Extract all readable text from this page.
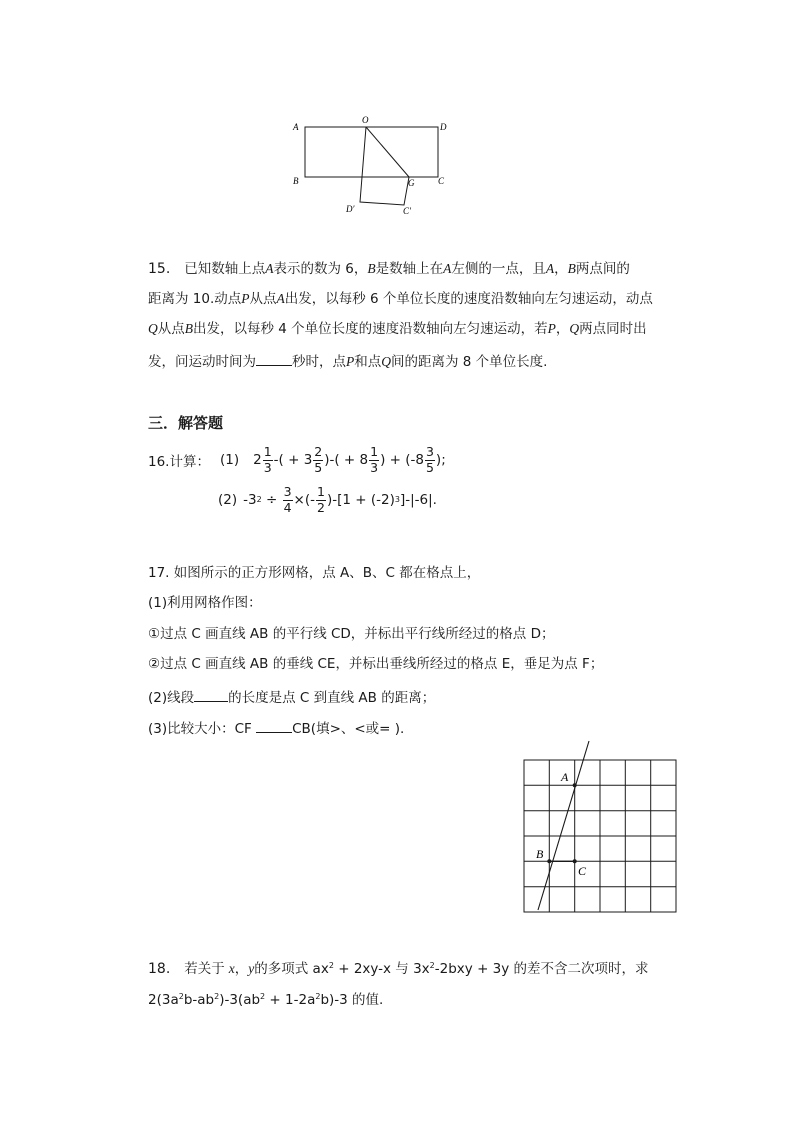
A
O
D
B	G	C
D′	C′
15. 已知数轴上点A表示的数为 6，B是数轴上在A左侧的一点，且A，B两点间的
距离为 10.动点P从点A出发，以每秒 6 个单位长度的速度沿数轴向左匀速运动，动点
Q从点B出发，以每秒 4 个单位长度的速度沿数轴向左匀速运动，若P，Q两点同时出
发，问运动时间为	秒时，点P和点Q间的距离为 8 个单位长度.
三．解答题
16.计算： (1) $2 \frac{1}{3}$ -( + $3 \frac{2}{5}$ )-( + $8 \frac{1}{3}$ ) + ($-8 \frac{3}{5}$ );
(2) -3 $2 \div \frac{3}{4}$ ×(- $\frac{1}{2} )-[1 + (-2)$ 3 ]-|-6|.
17. 如图所示的正方形网格，点 A、B、C 都在格点上，
(1)利用网格作图：
①过点 C 画直线 AB 的平行线 CD，并标出平行线所经过的格点 D；
②过点 C 画直线 AB 的垂线 CE，并标出垂线所经过的格点 E，垂足为点 F；
(2)线段	的长度是点 C 到直线 AB 的距离；
(3)比较大小：CF	CB(填>、<或= ).
A
B
C
18. 若关于 x，y的多项式 $ax^2 + 2xy-x$ 与 $3x^2-2bxy + 3y$ 的差不含二次项时，求
$2(3a^2b-ab^2)-3(ab^2 + 1-2a^2b)-3$ 的值.
